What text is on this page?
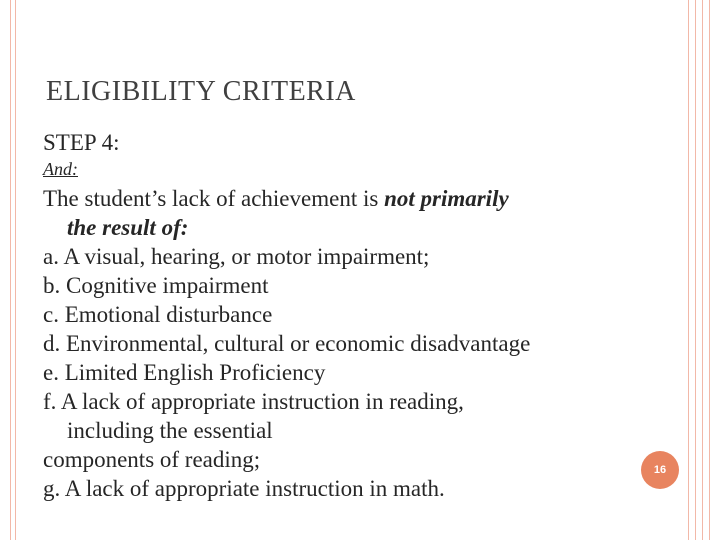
ELIGIBILITY CRITERIA
STEP 4:
And:
The student’s lack of achievement is not primarily
the result of:
a. A visual, hearing, or motor impairment;
b. Cognitive impairment
c. Emotional disturbance
d. Environmental, cultural or economic disadvantage
e. Limited English Proficiency
f. A lack of appropriate instruction in reading,
including the essential
components of reading;
g. A lack of appropriate instruction in math.
16
